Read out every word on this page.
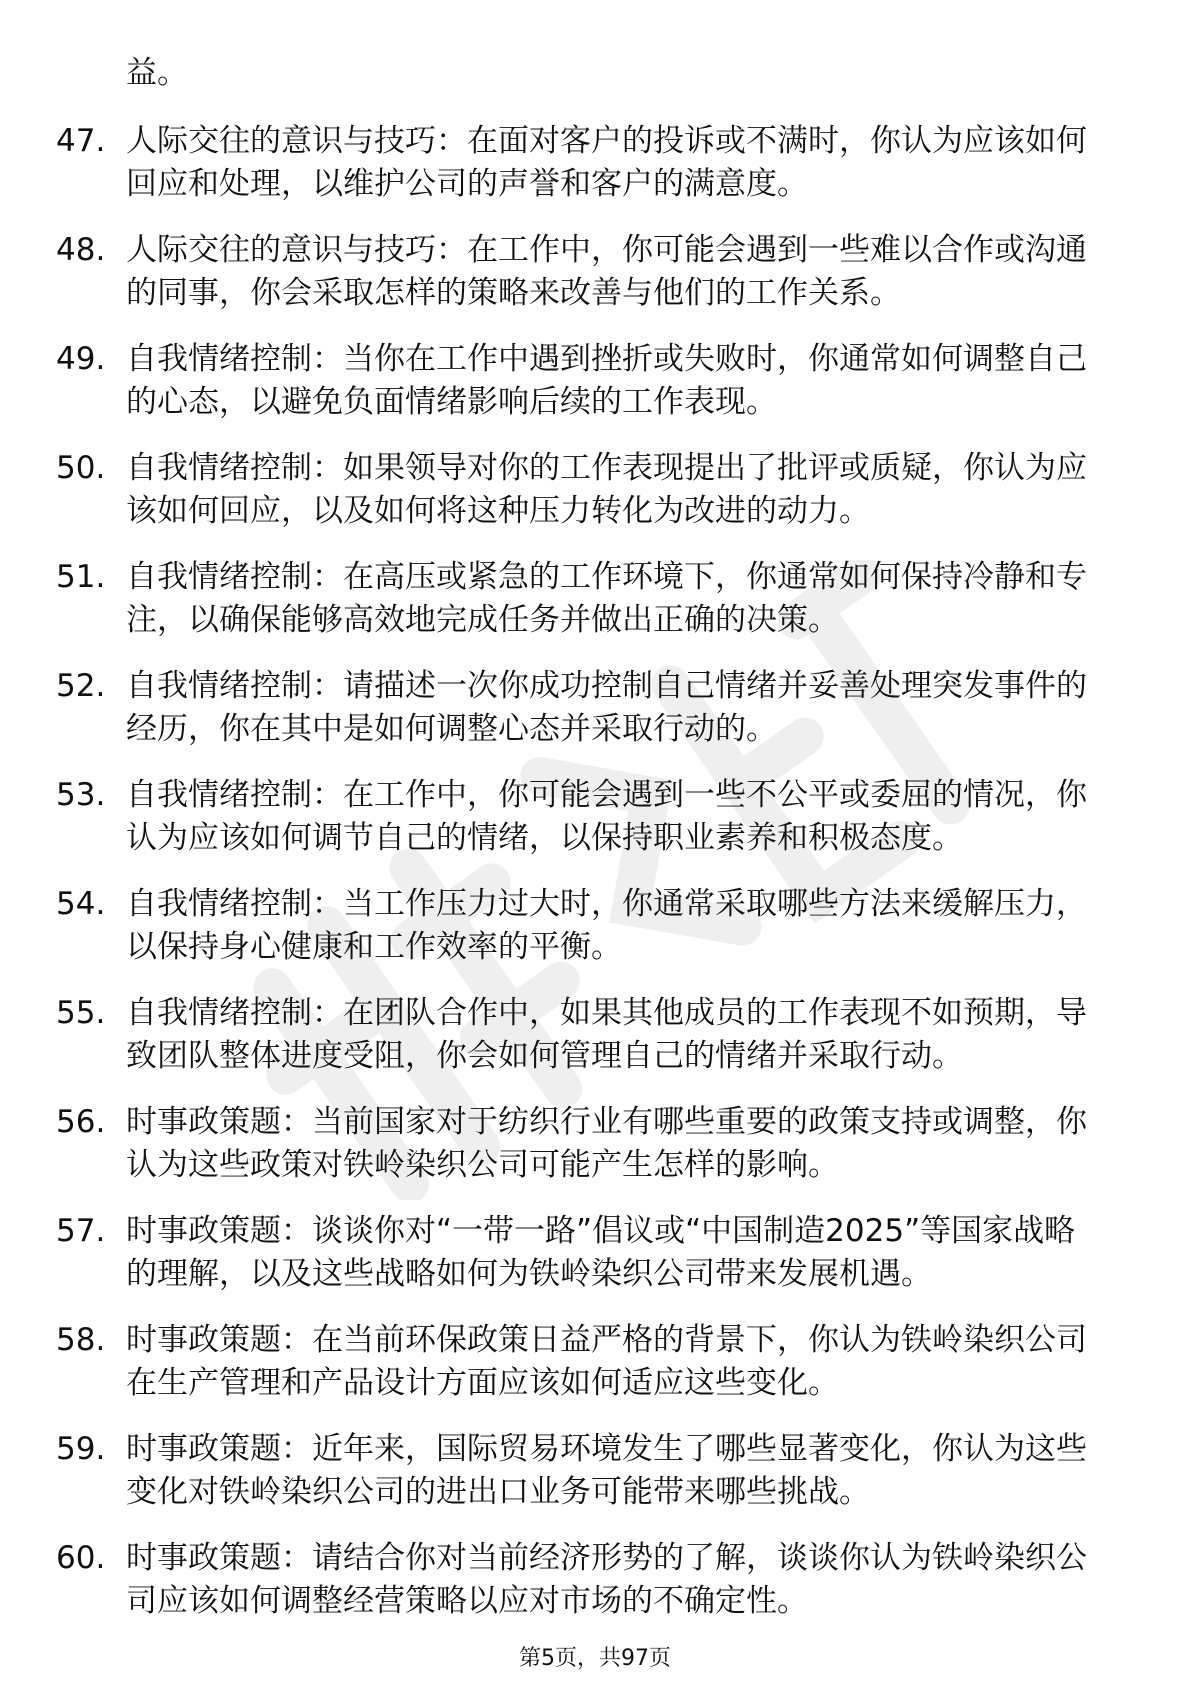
益。
47. 人际交往的意识与技巧：在面对客户的投诉或不满时，你认为应该如何回应和处理，以维护公司的声誉和客户的满意度。
48. 人际交往的意识与技巧：在工作中，你可能会遇到一些难以合作或沟通的同事，你会采取怎样的策略来改善与他们的工作关系。
49. 自我情绪控制：当你在工作中遇到挫折或失败时，你通常如何调整自己的心态，以避免负面情绪影响后续的工作表现。
50. 自我情绪控制：如果领导对你的工作表现提出了批评或质疑，你认为应该如何回应，以及如何将这种压力转化为改进的动力。
51. 自我情绪控制：在高压或紧急的工作环境下，你通常如何保持冷静和专注，以确保能够高效地完成任务并做出正确的决策。
52. 自我情绪控制：请描述一次你成功控制自己情绪并妥善处理突发事件的经历，你在其中是如何调整心态并采取行动的。
53. 自我情绪控制：在工作中，你可能会遇到一些不公平或委屈的情况，你认为应该如何调节自己的情绪，以保持职业素养和积极态度。
54. 自我情绪控制：当工作压力过大时，你通常采取哪些方法来缓解压力，以保持身心健康和工作效率的平衡。
55. 自我情绪控制：在团队合作中，如果其他成员的工作表现不如预期，导致团队整体进度受阻，你会如何管理自己的情绪并采取行动。
56. 时事政策题：当前国家对于纺织行业有哪些重要的政策支持或调整，你认为这些政策对铁岭染织公司可能产生怎样的影响。
57. 时事政策题：谈谈你对“一带一路”倡议或“中国制造2025”等国家战略的理解，以及这些战略如何为铁岭染织公司带来发展机遇。
58. 时事政策题：在当前环保政策日益严格的背景下，你认为铁岭染织公司在生产管理和产品设计方面应该如何适应这些变化。
59. 时事政策题：近年来，国际贸易环境发生了哪些显著变化，你认为这些变化对铁岭染织公司的进出口业务可能带来哪些挑战。
60. 时事政策题：请结合你对当前经济形势的了解，谈谈你认为铁岭染织公司应该如何调整经营策略以应对市场的不确定性。
第5页，共97页
